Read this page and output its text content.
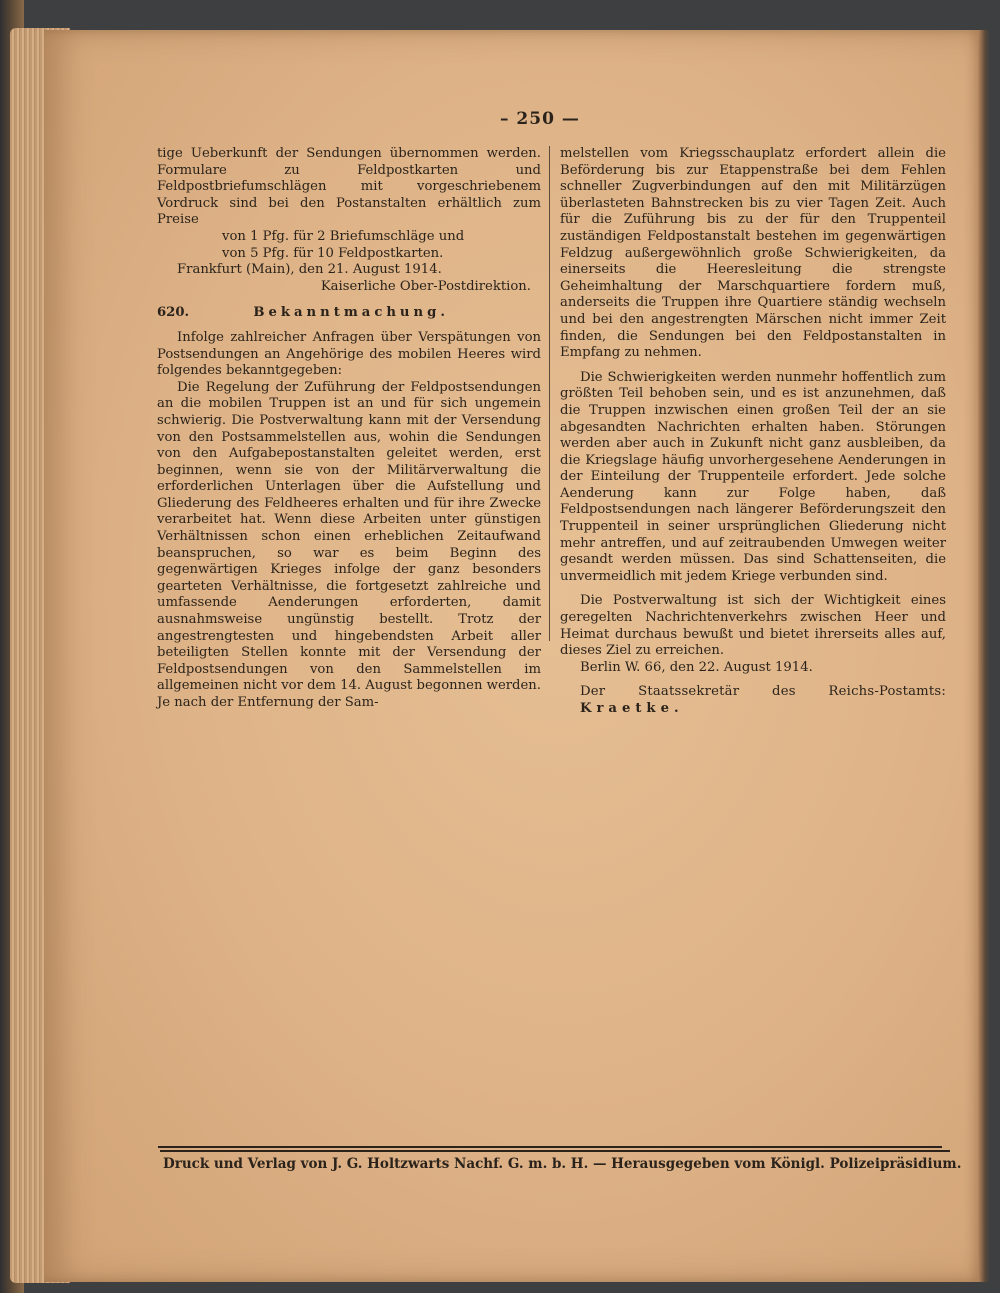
– 250 —

tige Ueberkunft der Sendungen übernommen werden. Formulare zu Feldpostkarten und Feldpostbriefumschlägen mit vorgeschriebenem Vordruck sind bei den Postanstalten erhältlich zum Preise

von 1 Pfg. für 2 Briefumschläge und

von 5 Pfg. für 10 Feldpostkarten.

Frankfurt (Main), den 21. August 1914.

Kaiserliche Ober-Postdirektion.

620.	Bekanntmachung.

Infolge zahlreicher Anfragen über Verspätungen von Postsendungen an Angehörige des mobilen Heeres wird folgendes bekanntgegeben:

Die Regelung der Zuführung der Feldpostsendungen an die mobilen Truppen ist an und für sich ungemein schwierig. Die Postverwaltung kann mit der Versendung von den Postsammelstellen aus, wohin die Sendungen von den Aufgabepostanstalten geleitet werden, erst beginnen, wenn sie von der Militärverwaltung die erforderlichen Unterlagen über die Aufstellung und Gliederung des Feldheeres erhalten und für ihre Zwecke verarbeitet hat. Wenn diese Arbeiten unter günstigen Verhältnissen schon einen erheblichen Zeitaufwand beanspruchen, so war es beim Beginn des gegenwärtigen Krieges infolge der ganz besonders gearteten Verhältnisse, die fortgesetzt zahlreiche und umfassende Aenderungen erforderten, damit ausnahmsweise ungünstig bestellt. Trotz der angestrengtesten und hingebendsten Arbeit aller beteiligten Stellen konnte mit der Versendung der Feldpostsendungen von den Sammelstellen im allgemeinen nicht vor dem 14. August begonnen werden. Je nach der Entfernung der Sam-

melstellen vom Kriegsschauplatz erfordert allein die Beförderung bis zur Etappenstraße bei dem Fehlen schneller Zugverbindungen auf den mit Militärzügen überlasteten Bahnstrecken bis zu vier Tagen Zeit. Auch für die Zuführung bis zu der für den Truppenteil zuständigen Feldpostanstalt bestehen im gegenwärtigen Feldzug außergewöhnlich große Schwierigkeiten, da einerseits die Heeresleitung die strengste Geheimhaltung der Marschquartiere fordern muß, anderseits die Truppen ihre Quartiere ständig wechseln und bei den angestrengten Märschen nicht immer Zeit finden, die Sendungen bei den Feldpostanstalten in Empfang zu nehmen.

Die Schwierigkeiten werden nunmehr hoffentlich zum größten Teil behoben sein, und es ist anzunehmen, daß die Truppen inzwischen einen großen Teil der an sie abgesandten Nachrichten erhalten haben. Störungen werden aber auch in Zukunft nicht ganz ausbleiben, da die Kriegslage häufig unvorhergesehene Aenderungen in der Einteilung der Truppenteile erfordert. Jede solche Aenderung kann zur Folge haben, daß Feldpostsendungen nach längerer Beförderungszeit den Truppenteil in seiner ursprünglichen Gliederung nicht mehr antreffen, und auf zeitraubenden Umwegen weiter gesandt werden müssen. Das sind Schattenseiten, die unvermeidlich mit jedem Kriege verbunden sind.

Die Postverwaltung ist sich der Wichtigkeit eines geregelten Nachrichtenverkehrs zwischen Heer und Heimat durchaus bewußt und bietet ihrerseits alles auf, dieses Ziel zu erreichen.

Berlin W. 66, den 22. August 1914.

Der Staatssekretär des Reichs-Postamts: Kraetke.

Druck und Verlag von J. G. Holtzwarts Nachf. G. m. b. H. — Herausgegeben vom Königl. Polizeipräsidium.
